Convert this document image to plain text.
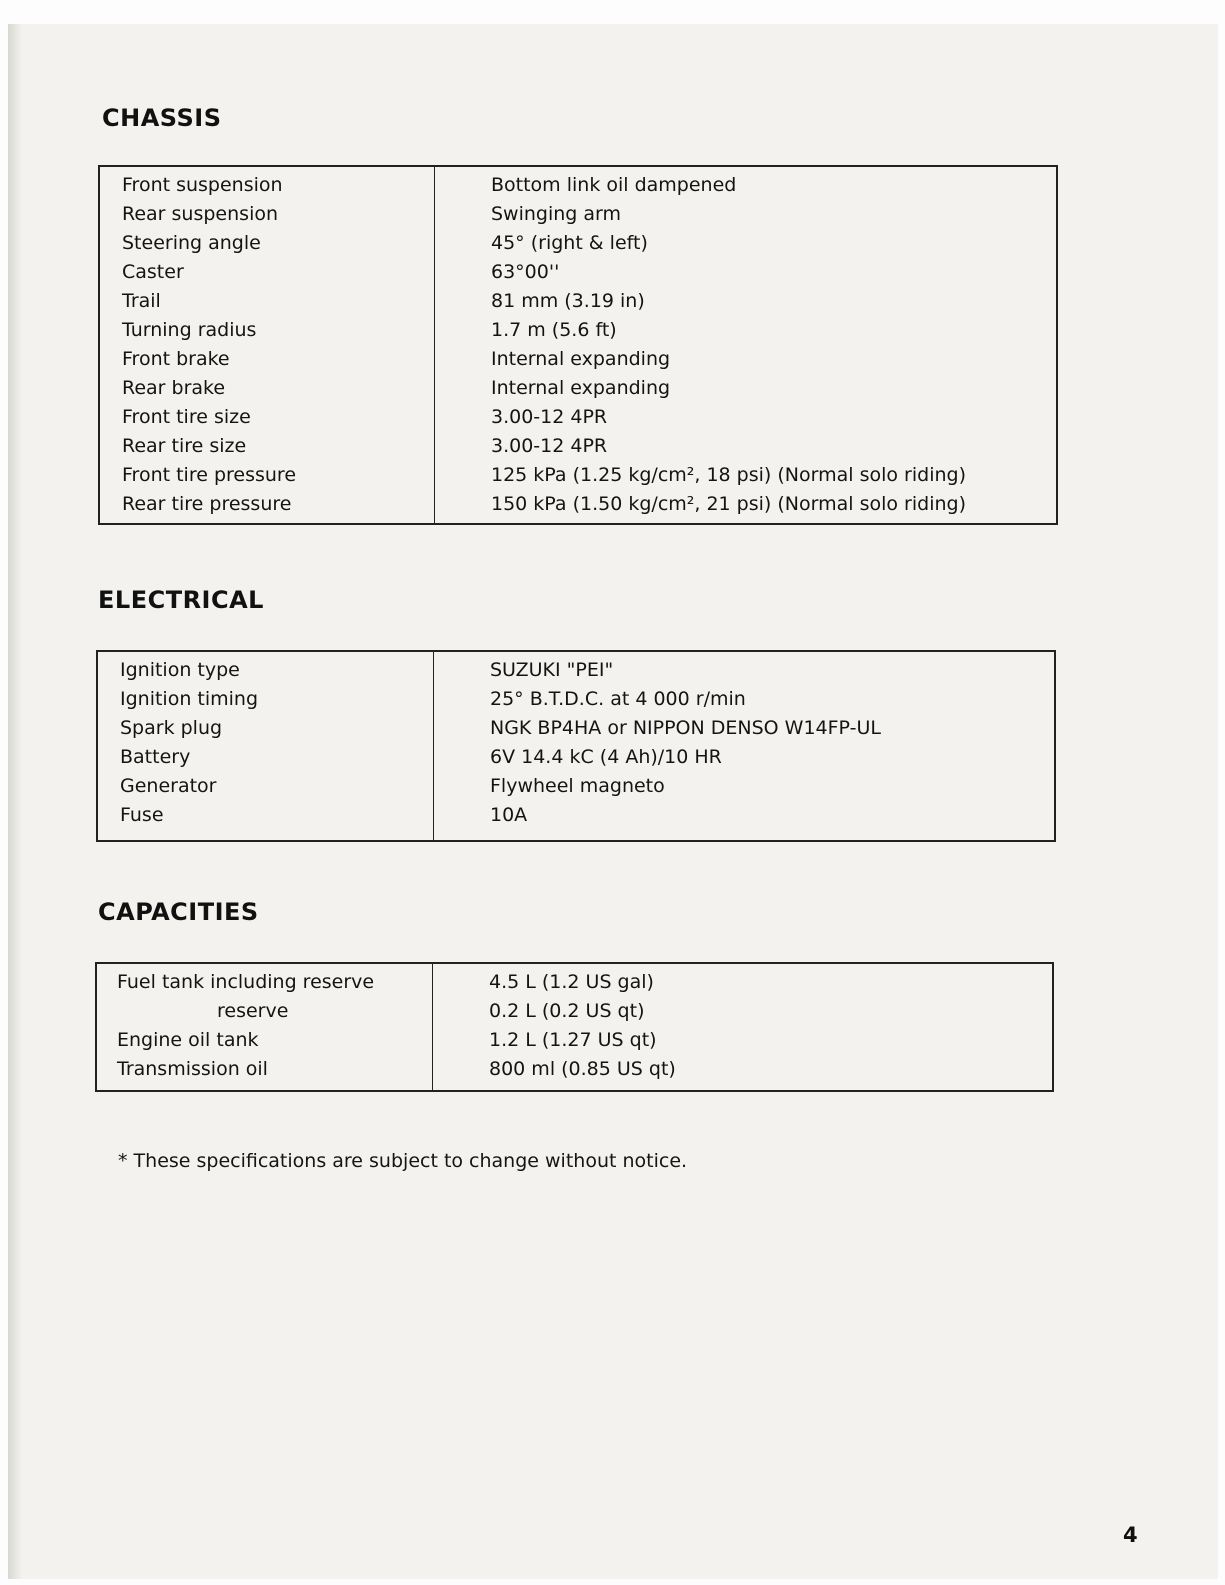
CHASSIS
Front suspension
Rear suspension
Steering angle
Caster
Trail
Turning radius
Front brake
Rear brake
Front tire size
Rear tire size
Front tire pressure
Rear tire pressure
Bottom link oil dampened
Swinging arm
45° (right & left)
63°00''
81 mm (3.19 in)
1.7 m (5.6 ft)
Internal expanding
Internal expanding
3.00-12 4PR
3.00-12 4PR
125 kPa (1.25 kg/cm², 18 psi) (Normal solo riding)
150 kPa (1.50 kg/cm², 21 psi) (Normal solo riding)
ELECTRICAL
Ignition type
Ignition timing
Spark plug
Battery
Generator
Fuse
SUZUKI "PEI"
25° B.T.D.C. at 4 000 r/min
NGK BP4HA or NIPPON DENSO W14FP-UL
6V 14.4 kC (4 Ah)/10 HR
Flywheel magneto
10A
CAPACITIES
Fuel tank including reserve
reserve
Engine oil tank
Transmission oil
4.5 L (1.2 US gal)
0.2 L (0.2 US qt)
1.2 L (1.27 US qt)
800 ml (0.85 US qt)
* These specifications are subject to change without notice.
4
